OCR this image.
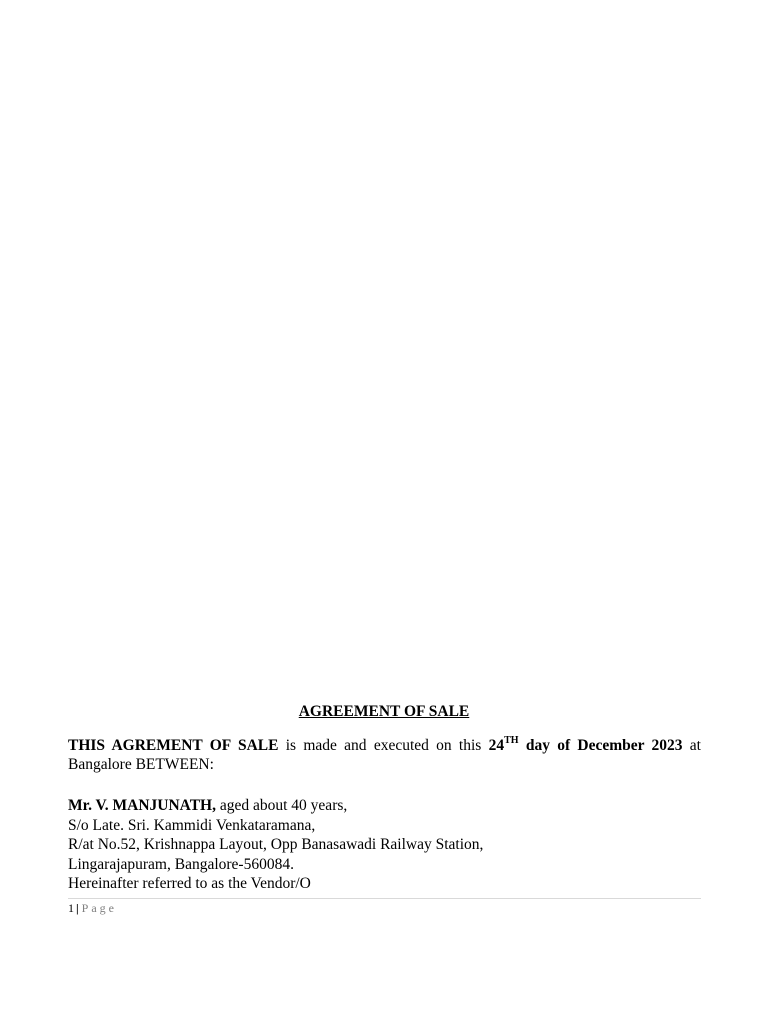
AGREEMENT OF SALE
THIS AGREMENT OF SALE is made and executed on this 24TH day of December 2023 at Bangalore BETWEEN:
Mr. V. MANJUNATH, aged about 40 years,
S/o Late. Sri. Kammidi Venkataramana,
R/at No.52, Krishnappa Layout, Opp Banasawadi Railway Station,
Lingarajapuram, Bangalore-560084.
Hereinafter referred to as the Vendor/O
1 | Page
